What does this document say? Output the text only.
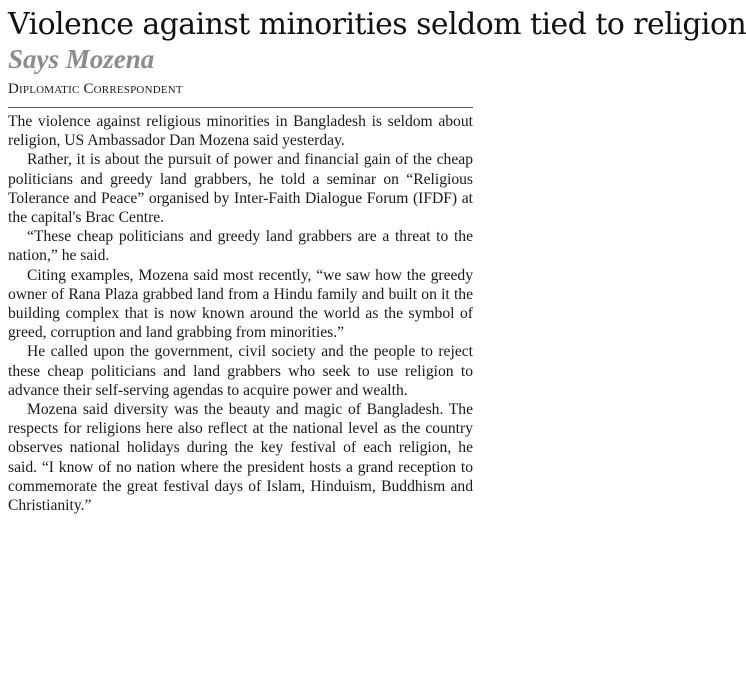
Violence against minorities seldom tied to religion
Says Mozena
Diplomatic Correspondent

The violence against religious minorities in Bangladesh is seldom about religion, US Ambassador Dan Mozena said yesterday.

Rather, it is about the pursuit of power and financial gain of the cheap politicians and greedy land grabbers, he told a seminar on “Religious Tolerance and Peace” organised by Inter-Faith Dialogue Forum (IFDF) at the capital's Brac Centre.

“These cheap politicians and greedy land grabbers are a threat to the nation,” he said.

Citing examples, Mozena said most recently, “we saw how the greedy owner of Rana Plaza grabbed land from a Hindu family and built on it the building complex that is now known around the world as the symbol of greed, corruption and land grabbing from minorities.”

He called upon the government, civil society and the people to reject these cheap politicians and land grabbers who seek to use religion to advance their self-serving agendas to acquire power and wealth.

Mozena said diversity was the beauty and magic of Bangladesh. The respects for religions here also reflect at the national level as the country observes national holidays during the key festival of each religion, he said. “I know of no nation where the president hosts a grand reception to commemorate the great festival days of Islam, Hinduism, Buddhism and Christianity.”
